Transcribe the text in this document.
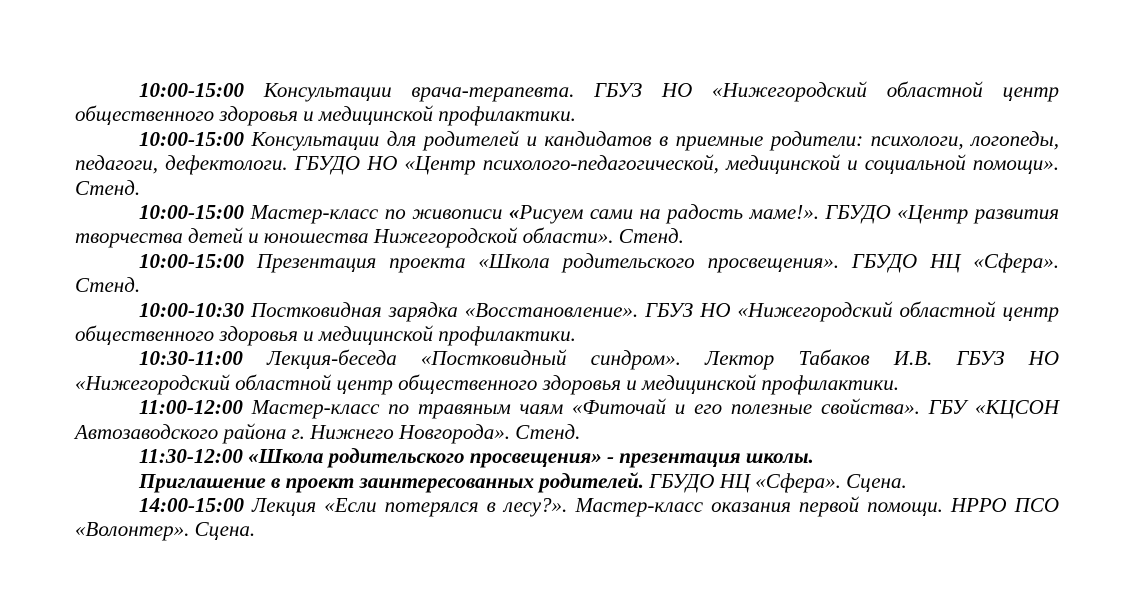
10:00-15:00 Консультации врача-терапевта. ГБУЗ НО «Нижегородский областной центр общественного здоровья и медицинской профилактики.

10:00-15:00 Консультации для родителей и кандидатов в приемные родители: психологи, логопеды, педагоги, дефектологи. ГБУДО НО «Центр психолого-педагогической, медицинской и социальной помощи». Стенд.

10:00-15:00 Мастер-класс по живописи «Рисуем сами на радость маме!». ГБУДО «Центр развития творчества детей и юношества Нижегородской области». Стенд.

10:00-15:00 Презентация проекта «Школа родительского просвещения». ГБУДО НЦ «Сфера». Стенд.

10:00-10:30 Постковидная зарядка «Восстановление». ГБУЗ НО «Нижегородский областной центр общественного здоровья и медицинской профилактики.

10:30-11:00 Лекция-беседа «Постковидный синдром». Лектор Табаков И.В. ГБУЗ НО «Нижегородский областной центр общественного здоровья и медицинской профилактики.

11:00-12:00 Мастер-класс по травяным чаям «Фиточай и его полезные свойства». ГБУ «КЦСОН Автозаводского района г. Нижнего Новгорода». Стенд.

11:30-12:00 «Школа родительского просвещения» - презентация школы.

Приглашение в проект заинтересованных родителей. ГБУДО НЦ «Сфера». Сцена.

14:00-15:00 Лекция «Если потерялся в лесу?». Мастер-класс оказания первой помощи. НРРО ПСО «Волонтер». Сцена.
